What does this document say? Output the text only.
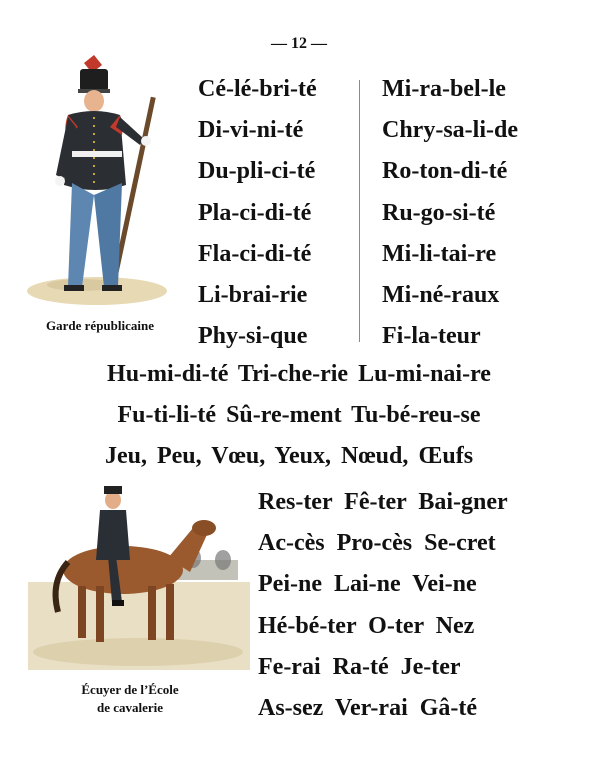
— 12 —
Garde républicaine
Cé-lé-bri-té
Di-vi-ni-té
Du-pli-ci-té
Pla-ci-di-té
Fla-ci-di-té
Li-brai-rie
Phy-si-que
Mi-ra-bel-le
Chry-sa-li-de
Ro-ton-di-té
Ru-go-si-té
Mi-li-tai-re
Mi-né-raux
Fi-la-teur
Hu-mi-di-té Tri-che-rie Lu-mi-nai-re
Fu-ti-li-té Sû-re-ment Tu-bé-reu-se
Jeu, Peu, Vœu, Yeux, Nœud, Œufs
Écuyer de l’École
de cavalerie
Res-ter Fê-ter Bai-gner
Ac-cès Pro-cès Se-cret
Pei-ne Lai-ne Vei-ne
Hé-bé-ter O-ter Nez
Fe-rai Ra-té Je-ter
As-sez Ver-rai Gâ-té
